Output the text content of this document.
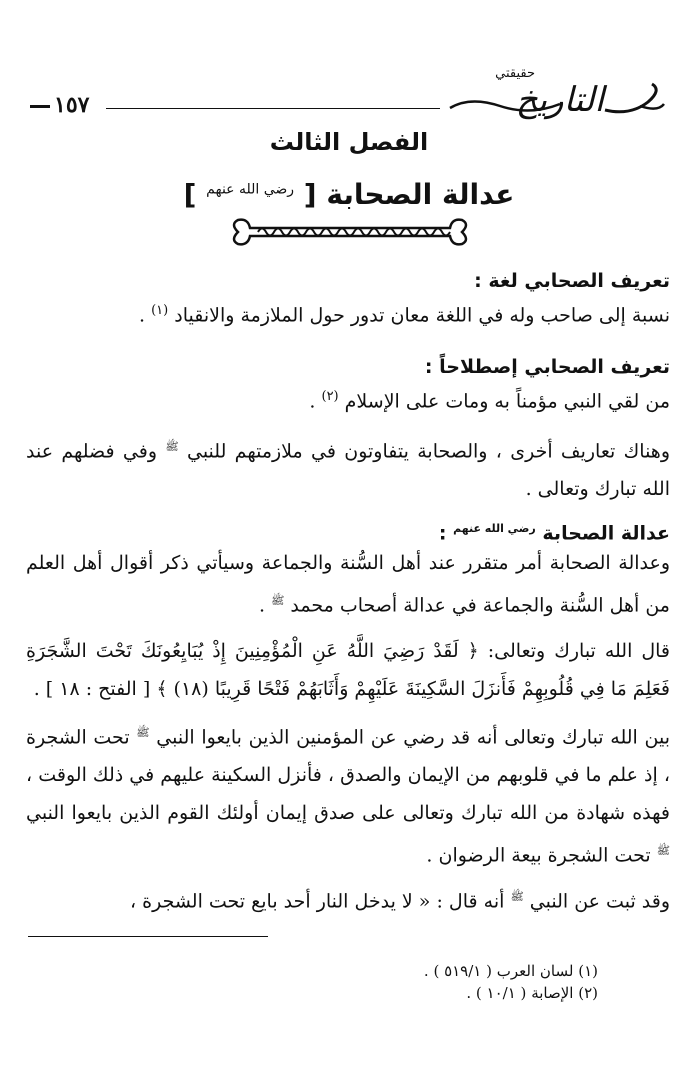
١٥٧
حقيقتي
التاريخ
الفصل الثالث
عدالة الصحابة [ $^{رضي الله عنهم}$ ]
تعريف الصحابي لغة :
نسبة إلى صاحب وله في اللغة معان تدور حول الملازمة والانقياد $^{(١)}$ .
تعريف الصحابي إصطلاحاً :
من لقي النبي مؤمناً به ومات على الإسلام $^{(٢)}$ .
وهناك تعاريف أخرى ، والصحابة يتفاوتون في ملازمتهم للنبي $^ﷺ$ وفي فضلهم عند الله تبارك وتعالى .
عدالة الصحابة $^{رضي الله عنهم}$ :
وعدالة الصحابة أمر متقرر عند أهل السُّنة والجماعة وسيأتي ذكر أقوال أهل العلم من أهل السُّنة والجماعة في عدالة أصحاب محمد $^ﷺ$ .
قال الله تبارك وتعالى: ﴿ لَقَدْ رَضِيَ اللَّهُ عَنِ الْمُؤْمِنِينَ إِذْ يُبَايِعُونَكَ تَحْتَ الشَّجَرَةِ فَعَلِمَ مَا فِي قُلُوبِهِمْ فَأَنزَلَ السَّكِينَةَ عَلَيْهِمْ وَأَثَابَهُمْ فَتْحًا قَرِيبًا (١٨) ﴾ [ الفتح : ١٨ ] .
بين الله تبارك وتعالى أنه قد رضي عن المؤمنين الذين بايعوا النبي $^ﷺ$ تحت الشجرة ، إذ علم ما في قلوبهم من الإيمان والصدق ، فأنزل السكينة عليهم في ذلك الوقت ، فهذه شهادة من الله تبارك وتعالى على صدق إيمان أولئك القوم الذين بايعوا النبي $^ﷺ$ تحت الشجرة بيعة الرضوان .
وقد ثبت عن النبي $^ﷺ$ أنه قال : « لا يدخل النار أحد بايع تحت الشجرة ،
(١) لسان العرب ( ٥١٩/١ ) .
(٢) الإصابة ( ١٠/١ ) .
